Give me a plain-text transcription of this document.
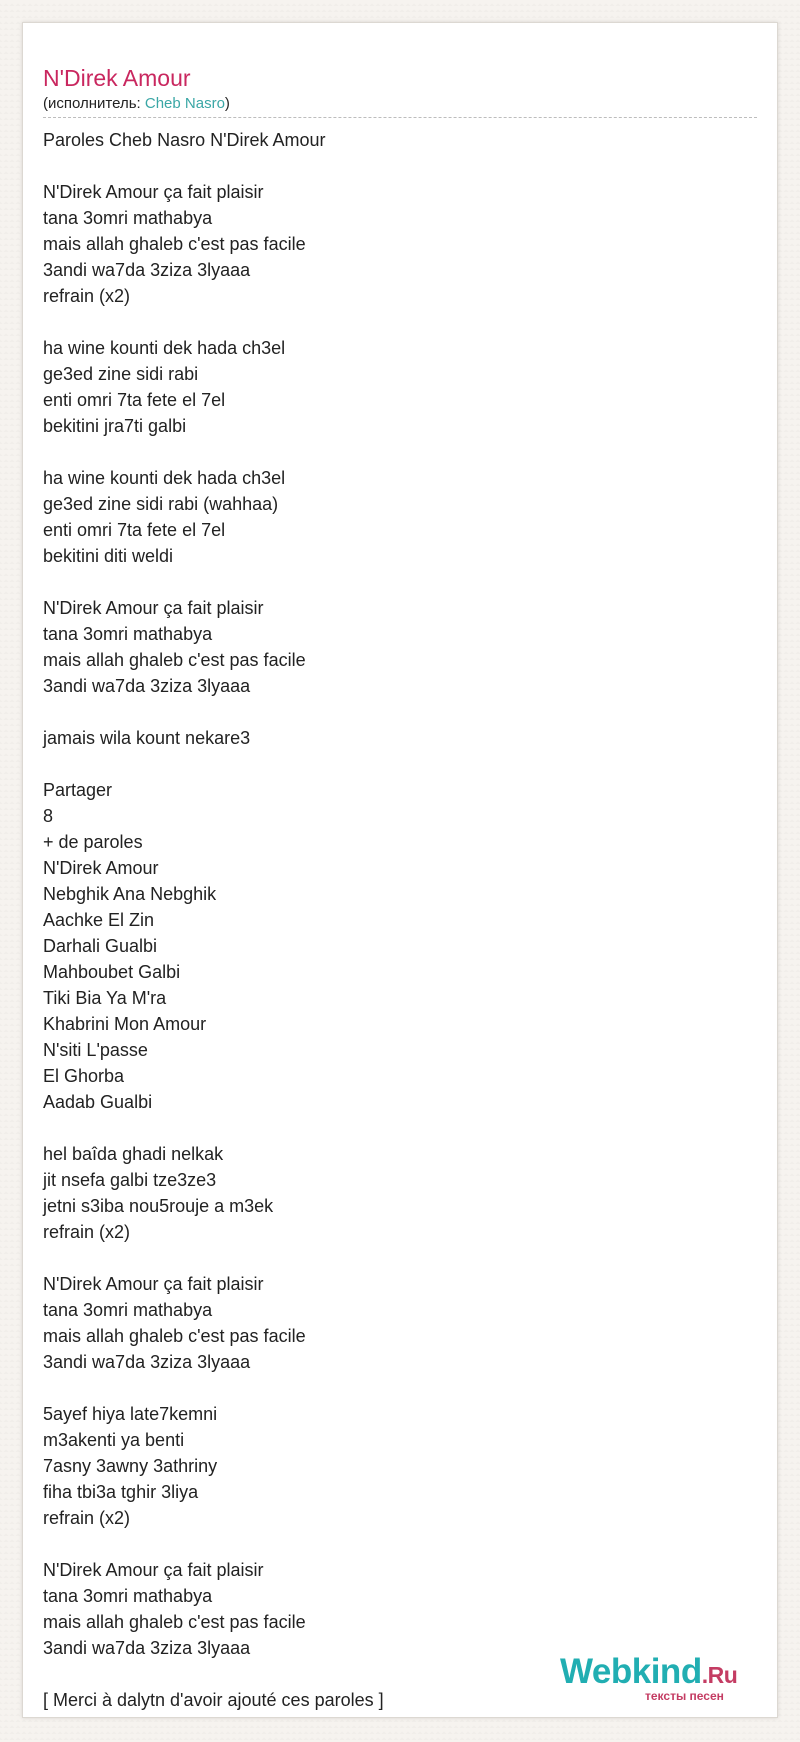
N'Direk Amour
(исполнитель: Cheb Nasro)
Paroles Cheb Nasro N'Direk Amour
N'Direk Amour ça fait plaisir
tana 3omri mathabya
mais allah ghaleb c'est pas facile
3andi wa7da 3ziza 3lyaaa
refrain (x2)
ha wine kounti dek hada ch3el
ge3ed zine sidi rabi
enti omri 7ta fete el 7el
bekitini jra7ti galbi
ha wine kounti dek hada ch3el
ge3ed zine sidi rabi (wahhaa)
enti omri 7ta fete el 7el
bekitini diti weldi
N'Direk Amour ça fait plaisir
tana 3omri mathabya
mais allah ghaleb c'est pas facile
3andi wa7da 3ziza 3lyaaa
jamais wila kount nekare3
Partager
8
+ de paroles
N'Direk Amour
Nebghik Ana Nebghik
Aachke El Zin
Darhali Gualbi
Mahboubet Galbi
Tiki Bia Ya M'ra
Khabrini Mon Amour
N'siti L'passe
El Ghorba
Aadab Gualbi
hel baîda ghadi nelkak
jit nsefa galbi tze3ze3
jetni s3iba nou5rouje a m3ek
refrain (x2)
N'Direk Amour ça fait plaisir
tana 3omri mathabya
mais allah ghaleb c'est pas facile
3andi wa7da 3ziza 3lyaaa
5ayef hiya late7kemni
m3akenti ya benti
7asny 3awny 3athriny
fiha tbi3a tghir 3liya
refrain (x2)
N'Direk Amour ça fait plaisir
tana 3omri mathabya
mais allah ghaleb c'est pas facile
3andi wa7da 3ziza 3lyaaa
[ Merci à dalytn d'avoir ajouté ces paroles ]
Webkind.Ru
тексты песен
